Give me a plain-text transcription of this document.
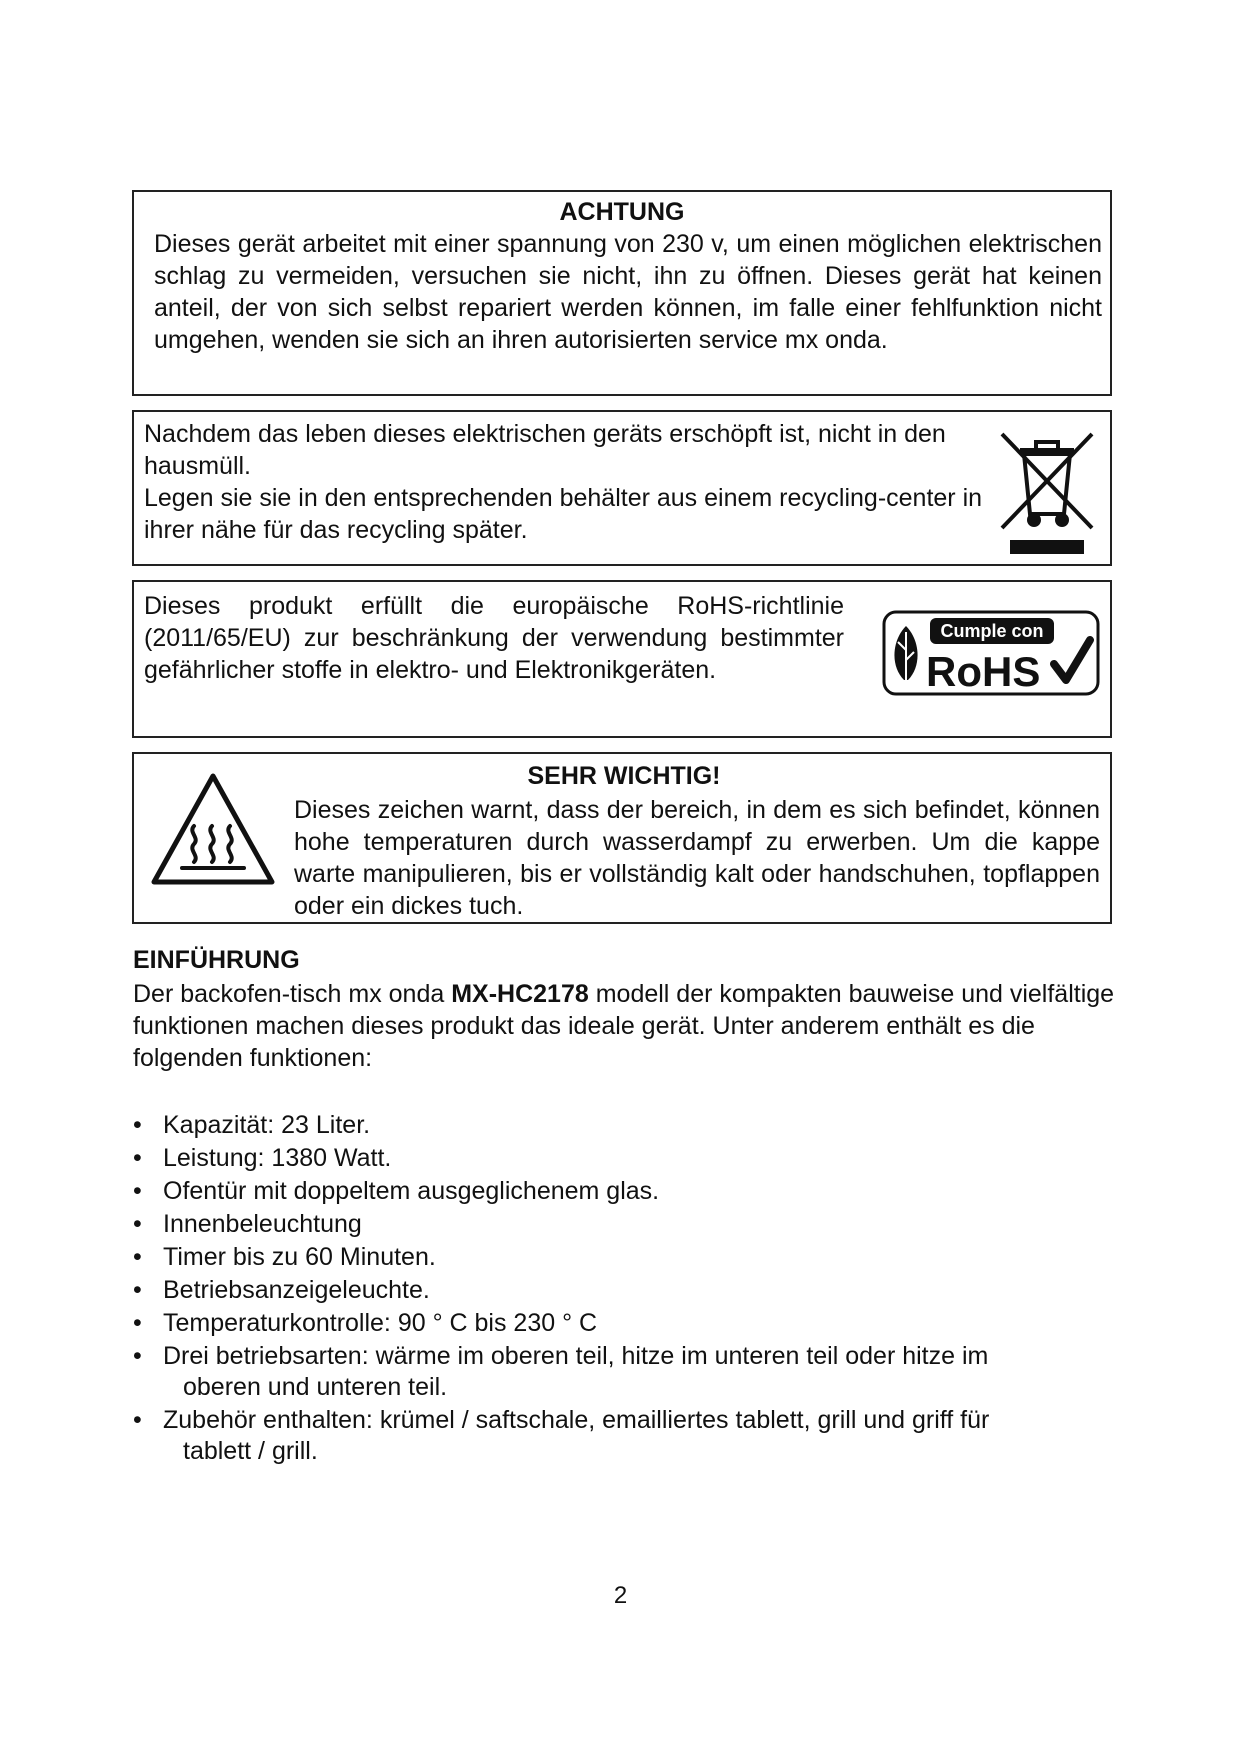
ACHTUNG

Dieses gerät arbeitet mit einer spannung von 230 v, um einen möglichen elektrischen schlag zu vermeiden, versuchen sie nicht, ihn zu öffnen. Dieses gerät hat keinen anteil, der von sich selbst repariert werden können, im falle einer fehlfunktion nicht umgehen, wenden sie sich an ihren autorisierten service mx onda.

Nachdem das leben dieses elektrischen geräts erschöpft ist, nicht in den hausmüll.
Legen sie sie in den entsprechenden behälter aus einem recycling-center in ihrer nähe für das recycling später.

Dieses produkt erfüllt die europäische RoHS-richtlinie (2011/65/EU) zur beschränkung der verwendung bestimmter gefährlicher stoffe in elektro- und Elektronikgeräten.

Cumple con
RoHS
SEHR WICHTIG!

Dieses zeichen warnt, dass der bereich, in dem es sich befindet, können hohe temperaturen durch wasserdampf zu erwerben. Um die kappe warte manipulieren, bis er vollständig kalt oder handschuhen, topflappen oder ein dickes tuch.

EINFÜHRUNG

Der backofen-tisch mx onda MX-HC2178 modell der kompakten bauweise und vielfältige funktionen machen dieses produkt das ideale gerät. Unter anderem enthält es die folgenden funktionen:

• Kapazität: 23 Liter.
• Leistung: 1380 Watt.
• Ofentür mit doppeltem ausgeglichenem glas.
• Innenbeleuchtung
• Timer bis zu 60 Minuten.
• Betriebsanzeigeleuchte.
• Temperaturkontrolle: 90 ° C bis 230 ° C
• Drei betriebsarten: wärme im oberen teil, hitze im unteren teil oder hitze im
oberen und unteren teil.
• Zubehör enthalten: krümel / saftschale, emailliertes tablett, grill und griff für
tablett / grill.

2
